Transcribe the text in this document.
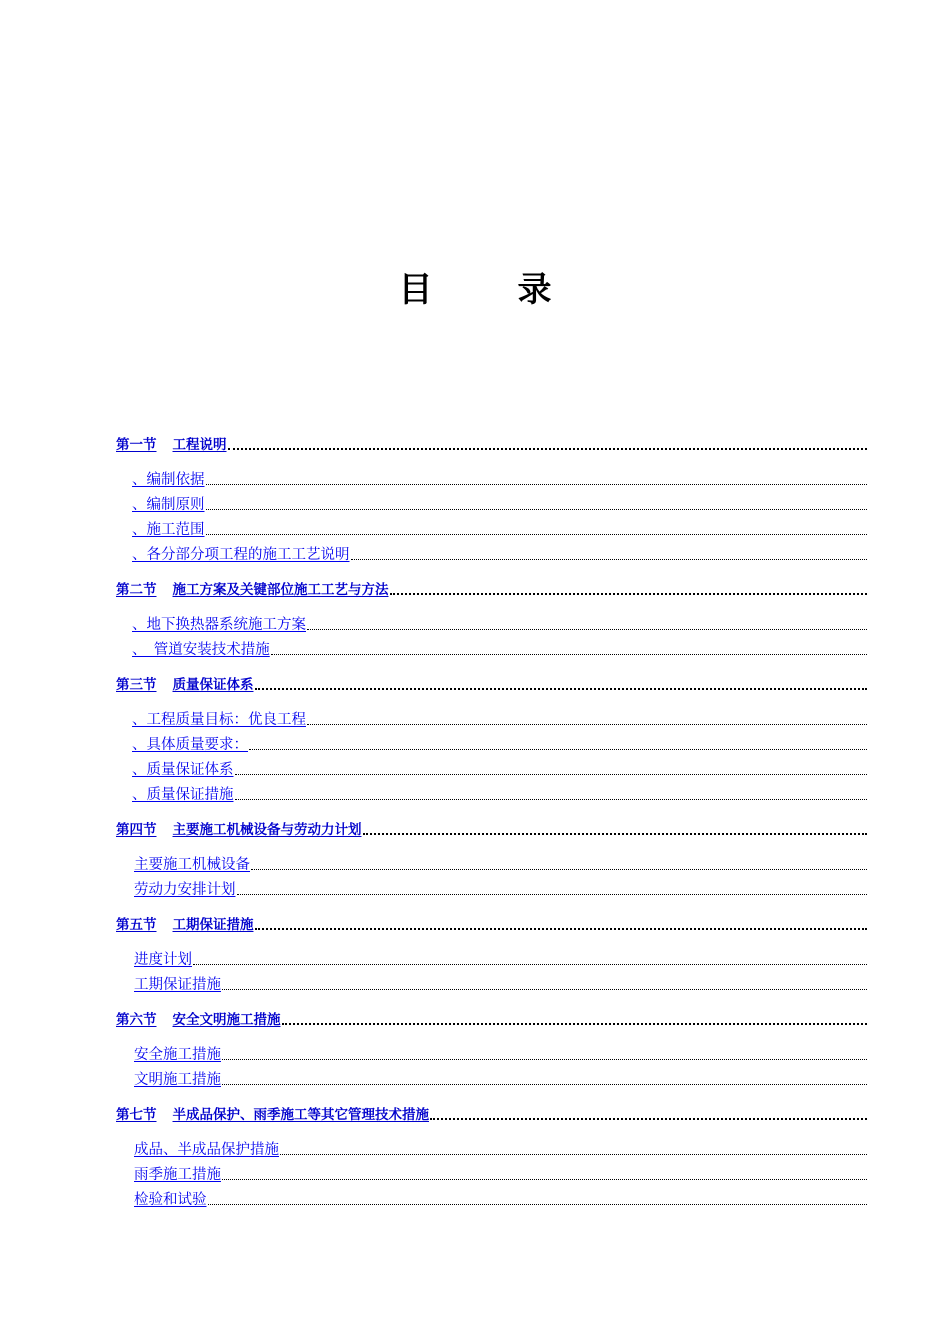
目	录
第一节 工程说明
、编制依据
、编制原则
、施工范围
、各分部分项工程的施工工艺说明
第二节 施工方案及关键部位施工工艺与方法
、地下换热器系统施工方案
、　管道安装技术措施
第三节 质量保证体系
、工程质量目标：优良工程
、具体质量要求：
、质量保证体系
、质量保证措施
第四节 主要施工机械设备与劳动力计划
主要施工机械设备
劳动力安排计划
第五节 工期保证措施
进度计划
工期保证措施
第六节 安全文明施工措施
安全施工措施
文明施工措施
第七节 半成品保护、雨季施工等其它管理技术措施
成品、半成品保护措施
雨季施工措施
检验和试验
